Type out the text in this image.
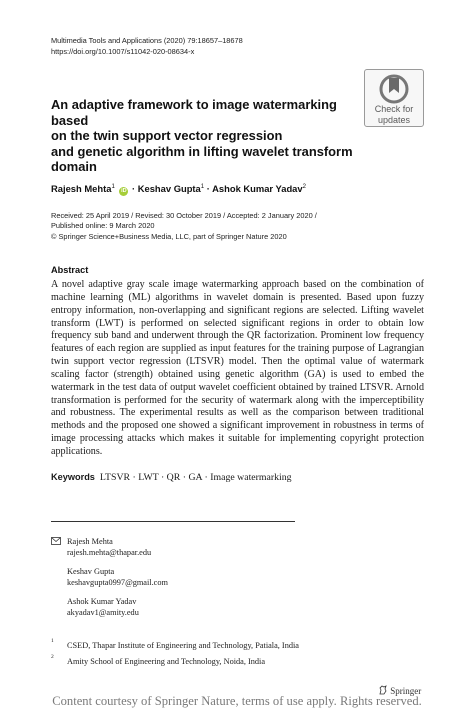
Multimedia Tools and Applications (2020) 79:18657–18678
https://doi.org/10.1007/s11042-020-08634-x
Check for
updates
An adaptive framework to image watermarking based
on the twin support vector regression
and genetic algorithm in lifting wavelet transform
domain
Rajesh Mehta$^1$ iD · Keshav Gupta$^1$ · Ashok Kumar Yadav$^2$
Received: 25 April 2019 / Revised: 30 October 2019 / Accepted: 2 January 2020 /
Published online: 9 March 2020
© Springer Science+Business Media, LLC, part of Springer Nature 2020
Abstract
A novel adaptive gray scale image watermarking approach based on the combination of machine learning (ML) algorithms in wavelet domain is presented. Based upon fuzzy entropy information, non-overlapping and significant regions are selected. Lifting wavelet transform (LWT) is performed on selected significant regions in order to obtain low frequency sub band and underwent through the QR factorization. Prominent low frequency features of each region are supplied as input features for the training purpose of Lagrangian twin support vector regression (LTSVR) model. Then the optimal value of watermark scaling factor (strength) obtained using genetic algorithm (GA) is used to embed the watermark in the test data of output wavelet coefficient obtained by trained LTSVR. Arnold transformation is performed for the security of watermark along with the imperceptibility and robustness. The experimental results as well as the comparison between traditional methods and the proposed one showed a significant improvement in robustness in terms of image processing attacks which makes it suitable for implementing copyright protection applications.
Keywords LTSVR · LWT · QR · GA · Image watermarking
Rajesh Mehta
rajesh.mehta@thapar.edu
Keshav Gupta
keshavgupta0997@gmail.com
Ashok Kumar Yadav
akyadav1@amity.edu
1 CSED, Thapar Institute of Engineering and Technology, Patiala, India
2 Amity School of Engineering and Technology, Noida, India
Springer
Content courtesy of Springer Nature, terms of use apply. Rights reserved.
